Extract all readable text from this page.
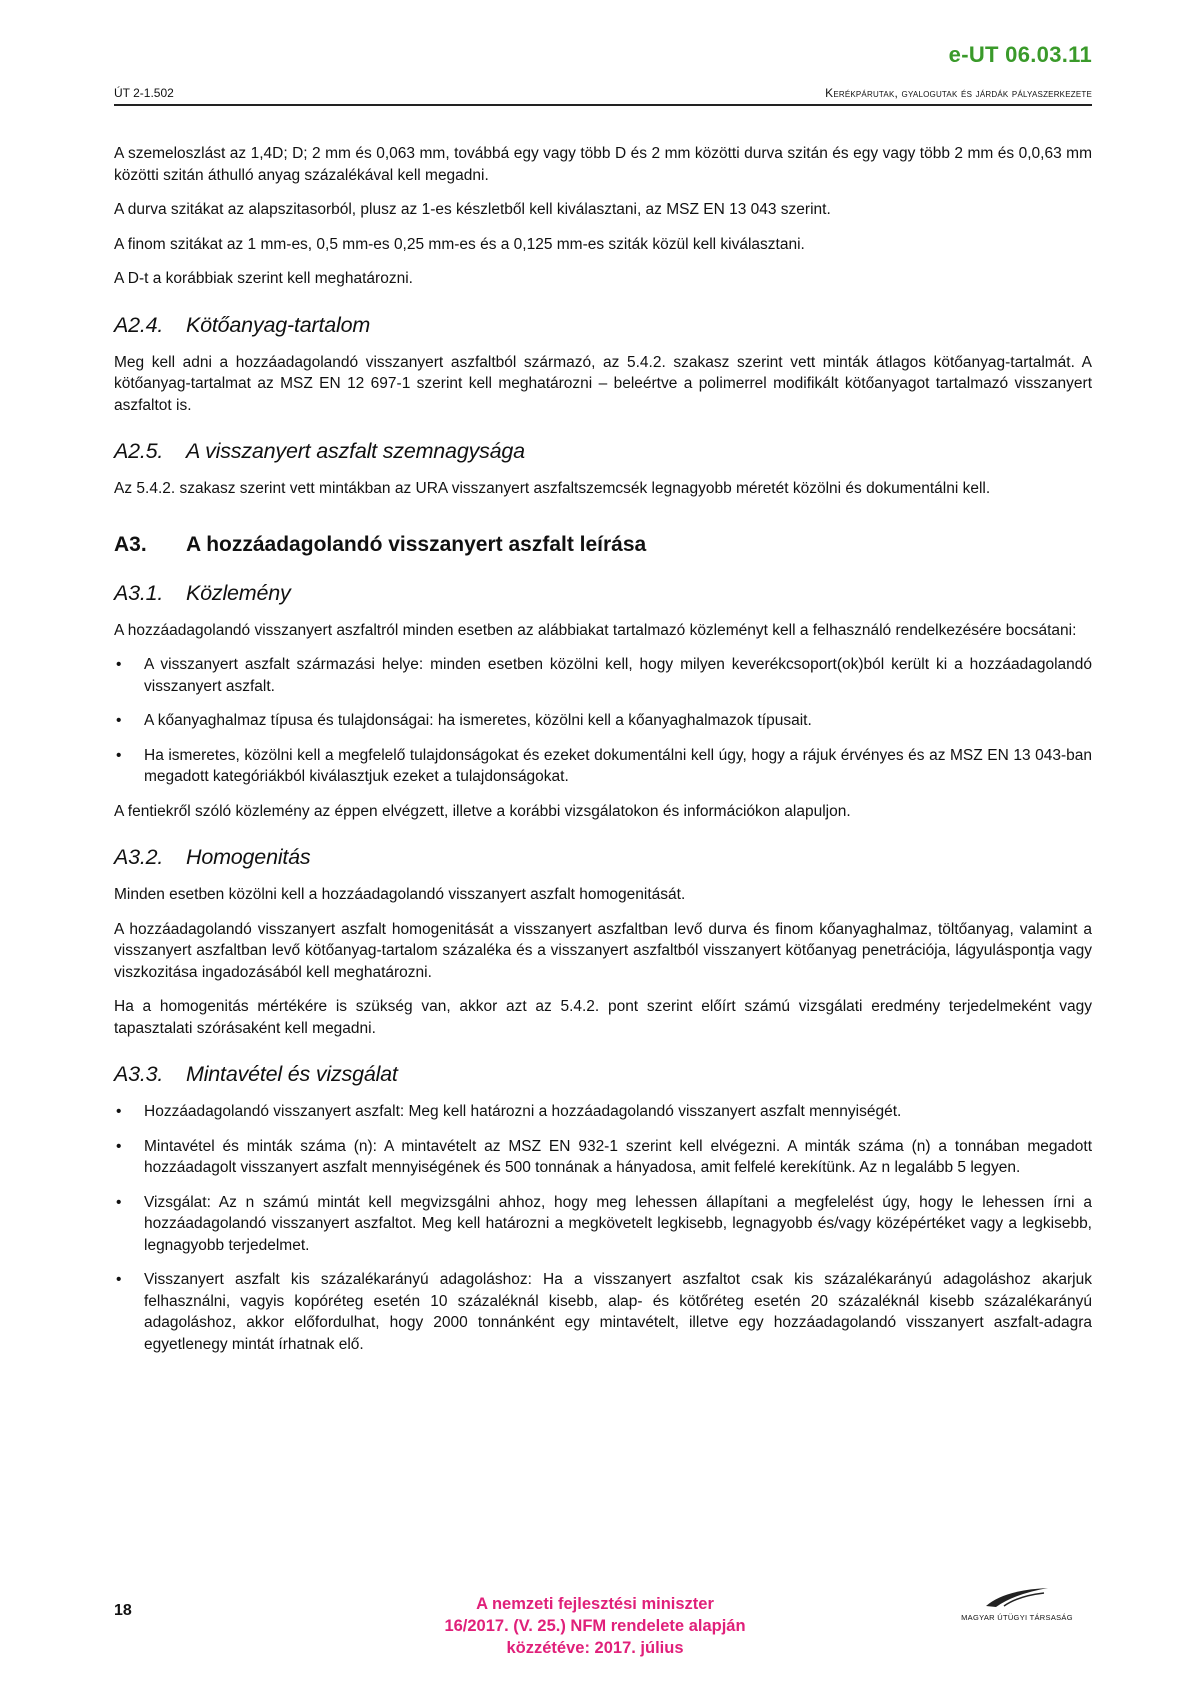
e-UT 06.03.11
ÚT 2-1.502	Kerékpárutak, gyalogutak és járdák pályaszerkezete

A szemeloszlást az 1,4D; D; 2 mm és 0,063 mm, továbbá egy vagy több D és 2 mm közötti durva szitán és egy vagy több 2 mm és 0,0,63 mm közötti szitán áthulló anyag százalékával kell megadni.

A durva szitákat az alapszitasorból, plusz az 1-es készletből kell kiválasztani, az MSZ EN 13 043 szerint.

A finom szitákat az 1 mm-es, 0,5 mm-es 0,25 mm-es és a 0,125 mm-es sziták közül kell kiválasztani.

A D-t a korábbiak szerint kell meghatározni.

A2.4. Kötőanyag-tartalom

Meg kell adni a hozzáadagolandó visszanyert aszfaltból származó, az 5.4.2. szakasz szerint vett minták átlagos kötőanyag-tartalmát. A kötőanyag-tartalmat az MSZ EN 12 697-1 szerint kell meghatározni – beleértve a polimerrel modifikált kötőanyagot tartalmazó visszanyert aszfaltot is.

A2.5. A visszanyert aszfalt szemnagysága

Az 5.4.2. szakasz szerint vett mintákban az URA visszanyert aszfaltszemcsék legnagyobb méretét közölni és dokumentálni kell.

A3. A hozzáadagolandó visszanyert aszfalt leírása
A3.1. Közlemény

A hozzáadagolandó visszanyert aszfaltról minden esetben az alábbiakat tartalmazó közleményt kell a felhasználó rendelkezésére bocsátani:

• A visszanyert aszfalt származási helye: minden esetben közölni kell, hogy milyen keverékcsoport(ok)ból került ki a hozzáadagolandó visszanyert aszfalt.
• A kőanyaghalmaz típusa és tulajdonságai: ha ismeretes, közölni kell a kőanyaghalmazok típusait.
• Ha ismeretes, közölni kell a megfelelő tulajdonságokat és ezeket dokumentálni kell úgy, hogy a rájuk érvényes és az MSZ EN 13 043-ban megadott kategóriákból kiválasztjuk ezeket a tulajdonságokat.

A fentiekről szóló közlemény az éppen elvégzett, illetve a korábbi vizsgálatokon és információkon alapuljon.

A3.2. Homogenitás

Minden esetben közölni kell a hozzáadagolandó visszanyert aszfalt homogenitását.

A hozzáadagolandó visszanyert aszfalt homogenitását a visszanyert aszfaltban levő durva és finom kőanyaghalmaz, töltőanyag, valamint a visszanyert aszfaltban levő kötőanyag-tartalom százaléka és a visszanyert aszfaltból visszanyert kötőanyag penetrációja, lágyuláspontja vagy viszkozitása ingadozásából kell meghatározni.

Ha a homogenitás mértékére is szükség van, akkor azt az 5.4.2. pont szerint előírt számú vizsgálati eredmény terjedelmeként vagy tapasztalati szórásaként kell megadni.

A3.3. Mintavétel és vizsgálat
• Hozzáadagolandó visszanyert aszfalt: Meg kell határozni a hozzáadagolandó visszanyert aszfalt mennyiségét.
• Mintavétel és minták száma (n): A mintavételt az MSZ EN 932-1 szerint kell elvégezni. A minták száma (n) a tonnában megadott hozzáadagolt visszanyert aszfalt mennyiségének és 500 tonnának a hányadosa, amit felfelé kerekítünk. Az n legalább 5 legyen.
• Vizsgálat: Az n számú mintát kell megvizsgálni ahhoz, hogy meg lehessen állapítani a megfelelést úgy, hogy le lehessen írni a hozzáadagolandó visszanyert aszfaltot. Meg kell határozni a megkövetelt legkisebb, legnagyobb és/vagy középértéket vagy a legkisebb, legnagyobb terjedelmet.
• Visszanyert aszfalt kis százalékarányú adagoláshoz: Ha a visszanyert aszfaltot csak kis százalékarányú adagoláshoz akarjuk felhasználni, vagyis kopóréteg esetén 10 százaléknál kisebb, alap- és kötőréteg esetén 20 százaléknál kisebb százalékarányú adagoláshoz, akkor előfordulhat, hogy 2000 tonnánként egy mintavételt, illetve egy hozzáadagolandó visszanyert aszfalt-adagra egyetlenegy mintát írhatnak elő.
18	A nemzeti fejlesztési miniszter
16/2017. (V. 25.) NFM rendelete alapján
közzétéve: 2017. július
MAGYAR ÚTÜGYI TÁRSASÁG
